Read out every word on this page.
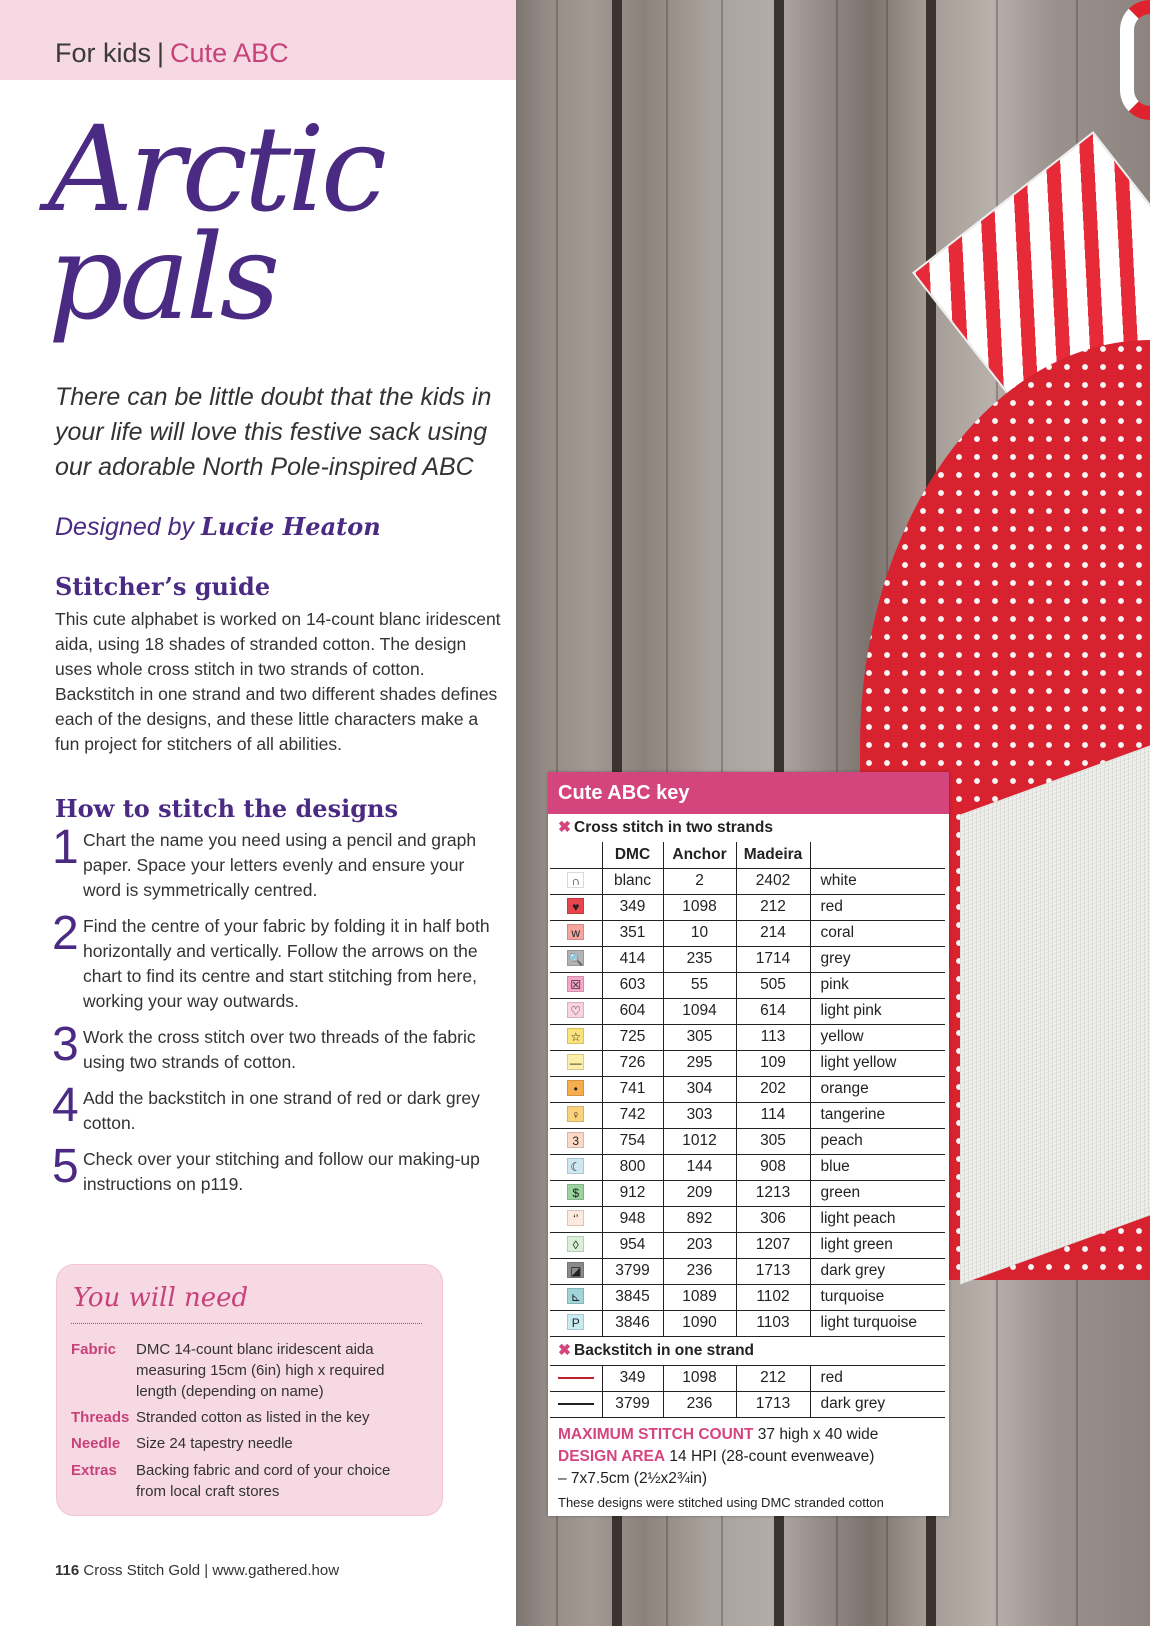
For kids | Cute ABC
Arctic
pals
There can be little doubt that the kids in your life will love this festive sack using our adorable North Pole-inspired ABC
Designed by Lucie Heaton
Stitcher’s guide
This cute alphabet is worked on 14-count blanc iridescent aida, using 18 shades of stranded cotton. The design uses whole cross stitch in two strands of cotton. Backstitch in one strand and two different shades defines each of the designs, and these little characters make a fun project for stitchers of all abilities.
How to stitch the designs
1 Chart the name you need using a pencil and graph paper. Space your letters evenly and ensure your word is symmetrically centred.
2 Find the centre of your fabric by folding it in half both horizontally and vertically. Follow the arrows on the chart to find its centre and start stitching from here, working your way outwards.
3 Work the cross stitch over two threads of the fabric using two strands of cotton.
4 Add the backstitch in one strand of red or dark grey cotton.
5 Check over your stitching and follow our making-up instructions on p119.
You will need
Fabric	DMC 14-count blanc iridescent aida measuring 15cm (6in) high x required length (depending on name)
Threads Stranded cotton as listed in the key
Needle	Size 24 tapestry needle
Extras	Backing fabric and cord of your choice from local craft stores
116 Cross Stitch Gold | www.gathered.how
Cute ABC key
✖ Cross stitch in two strands
	DMC	Anchor	Madeira	
∩	blanc	2	2402	white
♥	349	1098	212	red
w	351	10	214	coral
🔍	414	235	1714	grey
☒	603	55	505	pink
♡	604	1094	614	light pink
☆	725	305	113	yellow
—	726	295	109	light yellow
•	741	304	202	orange
♀	742	303	114	tangerine
3	754	1012	305	peach
☾	800	144	908	blue
$	912	209	1213	green
‘’	948	892	306	light peach
◊	954	203	1207	light green
◪	3799	236	1713	dark grey
⊾	3845	1089	1102	turquoise
P	3846	1090	1103	light turquoise
✖ Backstitch in one strand
	349	1098	212	red
	3799	236	1713	dark grey
MAXIMUM STITCH COUNT 37 high x 40 wide
DESIGN AREA 14 HPI (28-count evenweave)
– 7x7.5cm (2½x2¾in)
These designs were stitched using DMC stranded cotton
